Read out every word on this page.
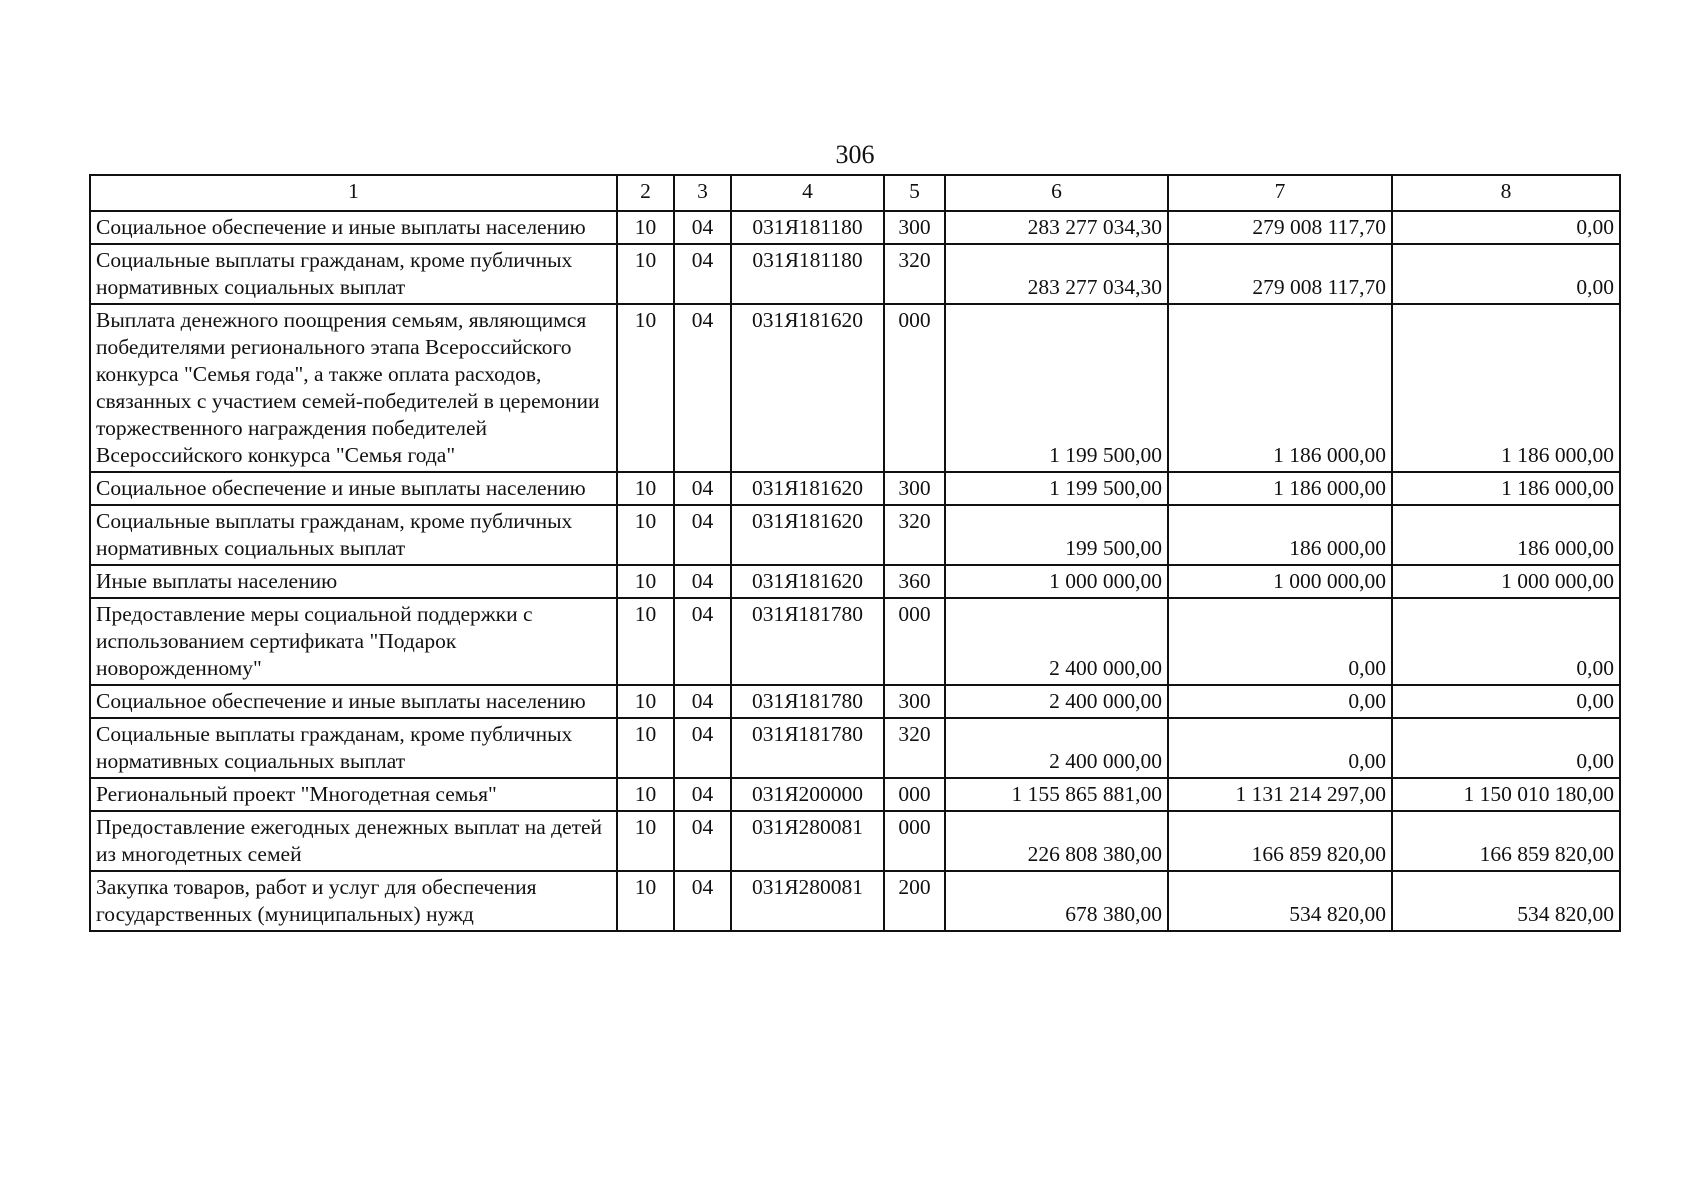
306
1	2	3	4	5	6	7	8
Социальное обеспечение и иные выплаты населению	10	04	031Я181180	300	283 277 034,30	279 008 117,70	0,00
Социальные выплаты гражданам, кроме публичных нормативных социальных выплат	10	04	031Я181180	320	283 277 034,30	279 008 117,70	0,00
Выплата денежного поощрения семьям, являющимся победителями регионального этапа Всероссийского конкурса "Семья года", а также оплата расходов, связанных с участием семей-победителей в церемонии торжественного награждения победителей Всероссийского конкурса "Семья года"	10	04	031Я181620	000	1 199 500,00	1 186 000,00	1 186 000,00
Социальное обеспечение и иные выплаты населению	10	04	031Я181620	300	1 199 500,00	1 186 000,00	1 186 000,00
Социальные выплаты гражданам, кроме публичных нормативных социальных выплат	10	04	031Я181620	320	199 500,00	186 000,00	186 000,00
Иные выплаты населению	10	04	031Я181620	360	1 000 000,00	1 000 000,00	1 000 000,00
Предоставление меры социальной поддержки с использованием сертификата "Подарок новорожденному"	10	04	031Я181780	000	2 400 000,00	0,00	0,00
Социальное обеспечение и иные выплаты населению	10	04	031Я181780	300	2 400 000,00	0,00	0,00
Социальные выплаты гражданам, кроме публичных нормативных социальных выплат	10	04	031Я181780	320	2 400 000,00	0,00	0,00
Региональный проект "Многодетная семья"	10	04	031Я200000	000	1 155 865 881,00	1 131 214 297,00	1 150 010 180,00
Предоставление ежегодных денежных выплат на детей из многодетных семей	10	04	031Я280081	000	226 808 380,00	166 859 820,00	166 859 820,00
Закупка товаров, работ и услуг для обеспечения государственных (муниципальных) нужд	10	04	031Я280081	200	678 380,00	534 820,00	534 820,00
